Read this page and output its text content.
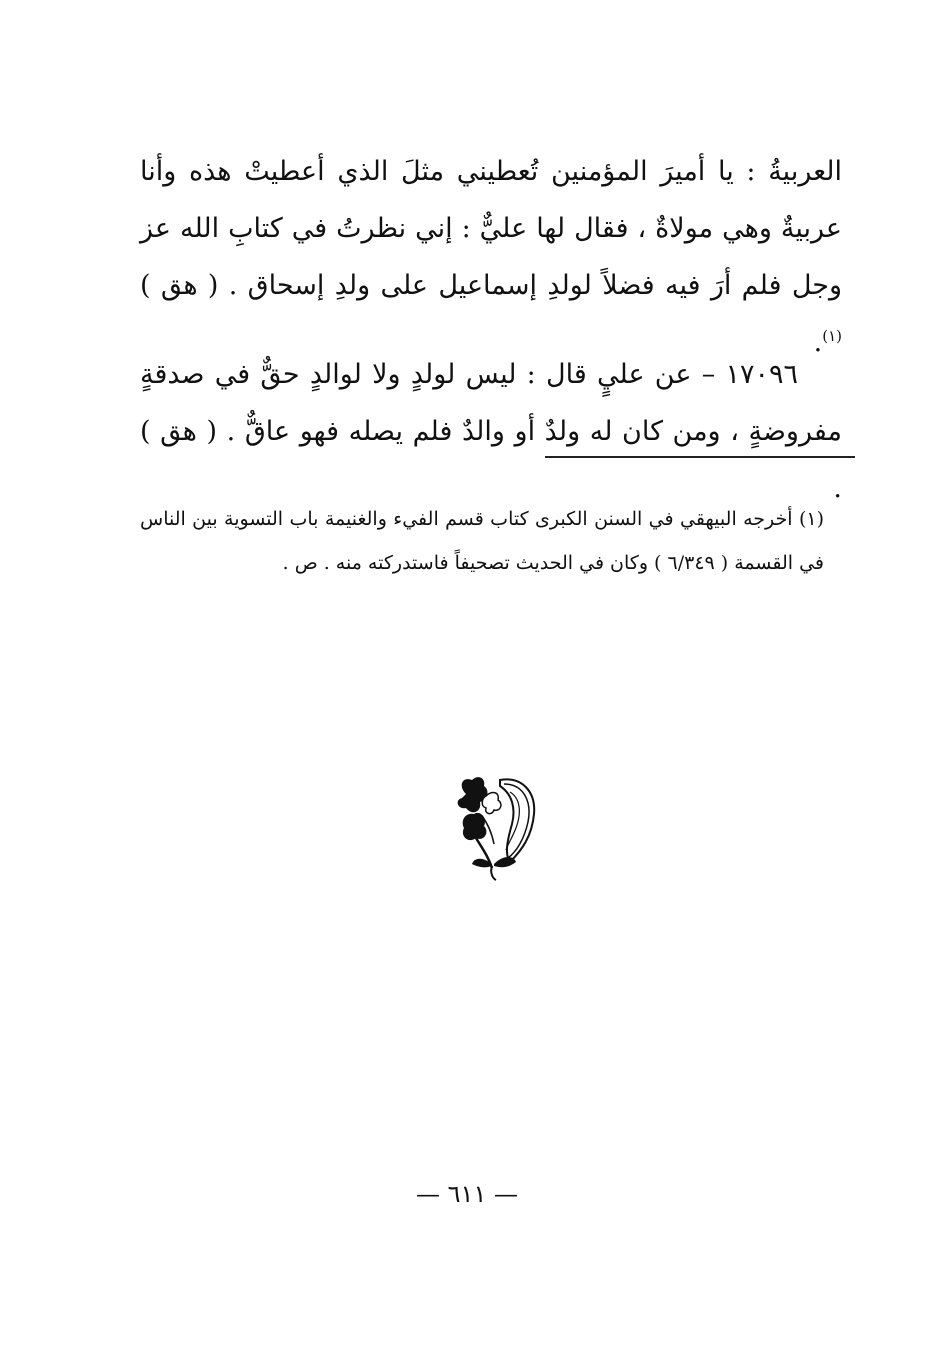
العربيةُ : يا أميرَ المؤمنين تُعطيني مثلَ الذي أعطيتْ هذه وأنا عربيةٌ وهي مولاةٌ ، فقال لها عليٌّ : إني نظرتُ في كتابِ الله عز وجل فلم أرَ فيه فضلاً لولدِ إسماعيل على ولدِ إسحاق . ( هق ) $^{(١)}$.

١٧٠٩٦ – عن عليٍ قال : ليس لولدٍ ولا لوالدٍ حقٌّ في صدقةٍ مفروضةٍ ، ومن كان له ولدٌ أو والدٌ فلم يصله فهو عاقٌّ . ( هق ) .

(١) أخرجه البيهقي في السنن الكبرى كتاب قسم الفيء والغنيمة باب التسوية بين الناس في القسمة ( ٦/٣٤٩ ) وكان في الحديث تصحيفاً فاستدركته منه . ص .

— ٦١١ —
